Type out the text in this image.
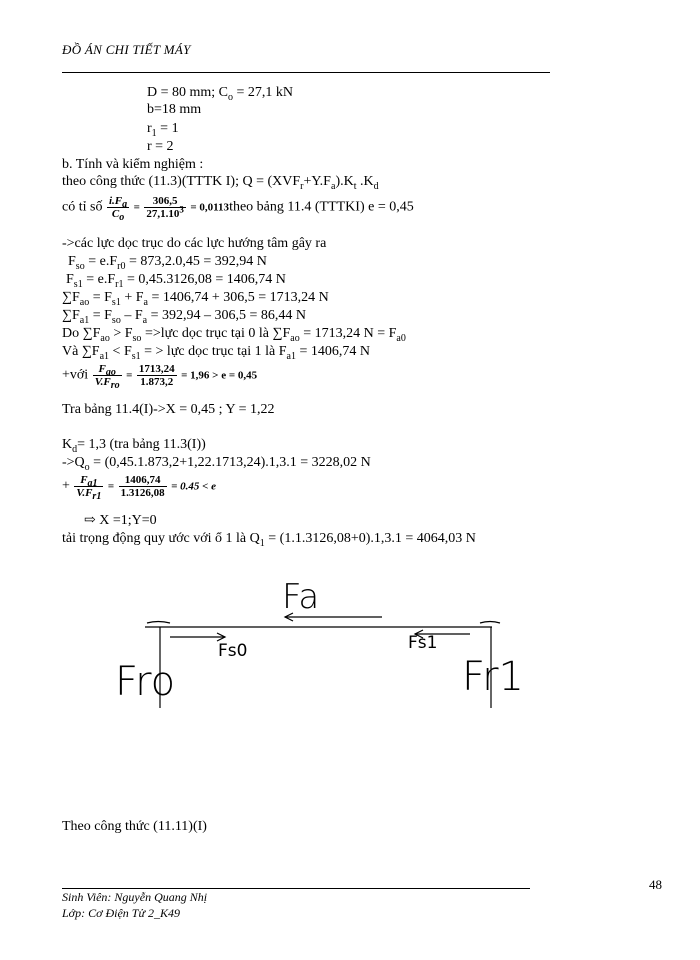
ĐỒ ÁN CHI TIẾT MÁY
D = 80 mm; $C_o = 27,1$ kN
b=18 mm
$r_1 = 1$
r = 2
b. Tính và kiểm nghiệm :
theo công thức (11.3)(TTTK I); $Q = (XVF_r+Y.F_a).K_t$ $.K_d$
có tỉ số $\frac{i.F_a}{C_o} = \frac{306,5}{27,1.10^3}$ = 0,0113theo bảng 11.4 (TTTKI) e = 0,45
->các lực dọc trục do các lực hướng tâm gây ra
$F_{so} = e.F_{r0} = 873,2.0,45 = 392,94$ N
$F_{s1} = e.F_{r1} = 0,45.3126,08 = 1406,74$ N
$\sum F_{ao} = F_{s1} + F_a = 1406,74 + 306,5 = 1713,24$ N
$\sum F_{a1} = F_{so} - F_a = 392,94 - 306,5 = 86,44$ N
Do $\sum F_{ao} > F_{so}$ =>lực dọc trục tại 0 là $\sum F_{ao} = 1713,24$ $N = F_{a0}$
Và $\sum F_{a1} < F_{s1}$ = > lực dọc trục tại 1 là $F_{a1} = 1406,74$ N
+với $\frac{F_{ao}}{V.F_{ro}} = \frac{1713,24}{1.873,2} = 1,96 > e = 0,45$
Tra bảng 11.4(I)->X = 0,45 ; Y = 1,22
$K_d= 1,3$ (tra bảng 11.3(I))
$->Q_o = (0,45.1.873,2+1,22.1713,24).1,3.1 = 3228,02$ N
+ $\frac{F_{a1}}{V.F_{r1}} = \frac{1406,74}{1.3126,08} = 0.45 < e$
⇨ X =1;Y=0
tải trọng động quy ước với ổ 1 là $Q_1 = (1.1.3126,08+0).1,3.1 = 4064,03$ N
Fa
Fs0	Fs1
Fro	Fr1
Theo công thức (11.11)(I)
48
Sinh Viên: Nguyễn Quang Nhị
Lớp: Cơ Điện Tử 2_K49
